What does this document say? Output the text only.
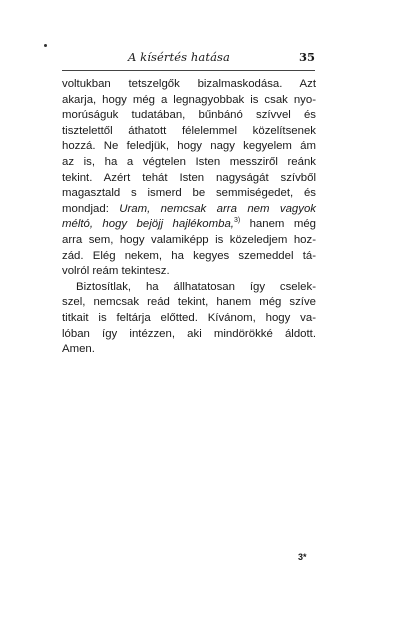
A kísértés hatása	35
voltukban tetszelgők bizalmaskodása. Azt
akarja, hogy még a legnagyobbak is csak nyo-
morúságuk tudatában, bűnbánó szívvel és
tisztelettől áthatott félelemmel közelítsenek
hozzá. Ne feledjük, hogy nagy kegyelem ám
az is, ha a végtelen Isten messziről reánk
tekint. Azért tehát Isten nagyságát szívből
magasztald s ismerd be semmiségedet, és
mondjad: Uram, nemcsak arra nem vagyok
méltó, hogy bejöjj hajlékomba,$^{3)}$ hanem még
arra sem, hogy valamiképp is közeledjem hoz-
zád. Elég nekem, ha kegyes szemeddel tá-
volról reám tekintesz.
Biztosítlak, ha állhatatosan így cselek-
szel, nemcsak reád tekint, hanem még szíve
titkait is feltárja előtted. Kívánom, hogy va-
lóban így intézzen, aki mindörökké áldott.
Amen.
3*
